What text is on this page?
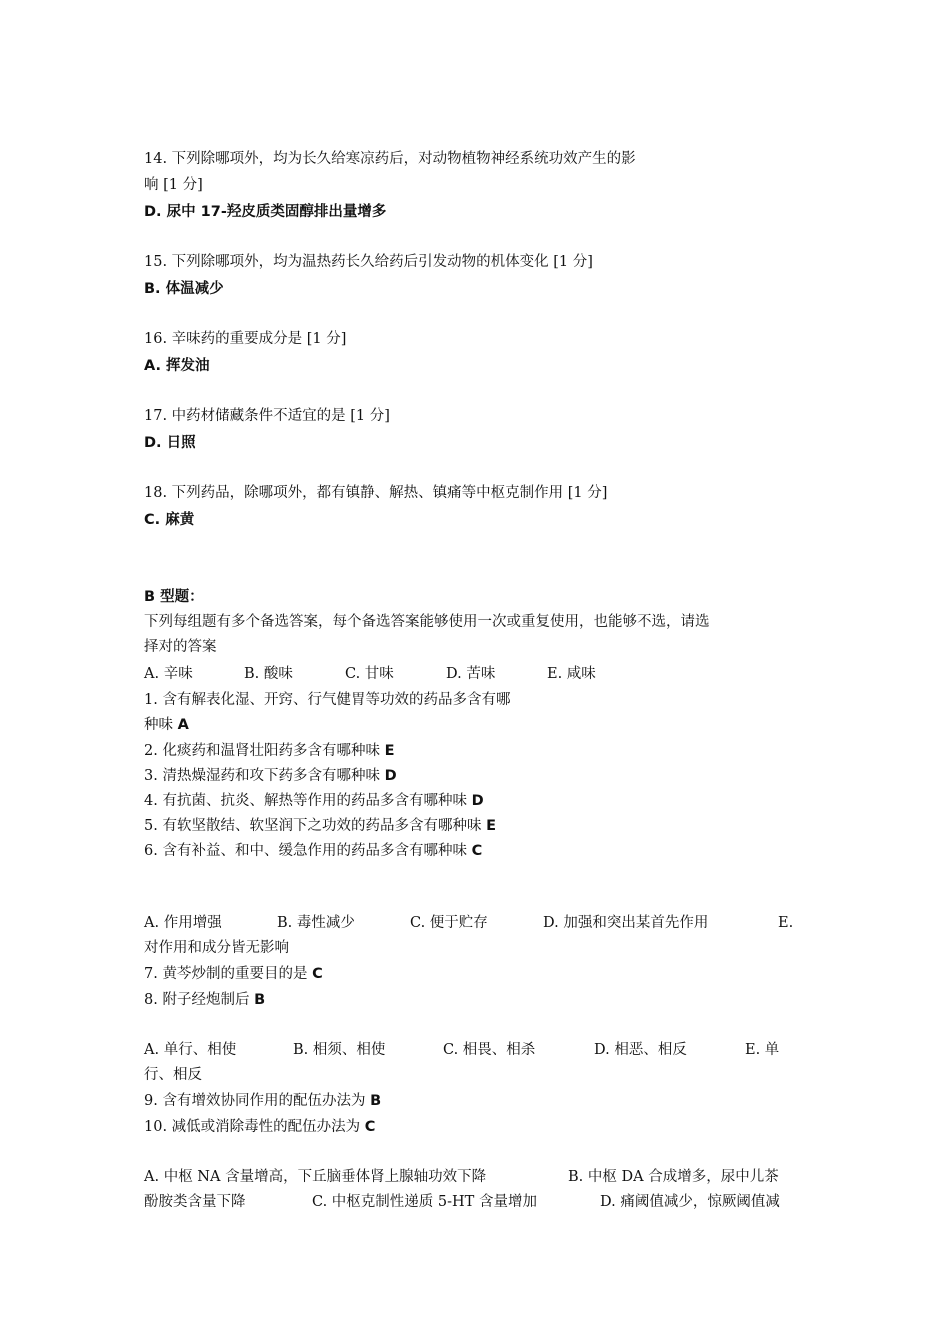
14. 下列除哪项外，均为长久给寒凉药后，对动物植物神经系统功效产生的影
响 [1 分]
D. 尿中 17-羟皮质类固醇排出量增多
15. 下列除哪项外，均为温热药长久给药后引发动物的机体变化 [1 分]
B. 体温减少
16. 辛味药的重要成分是 [1 分]
A. 挥发油
17. 中药材储藏条件不适宜的是 [1 分]
D. 日照
18. 下列药品，除哪项外，都有镇静、解热、镇痛等中枢克制作用 [1 分]
C. 麻黄
B 型题：
下列每组题有多个备选答案，每个备选答案能够使用一次或重复使用，也能够不选，请选
择对的答案
A. 辛味	B. 酸味	C. 甘味	D. 苦味	E. 咸味
1. 含有解表化湿、开窍、行气健胃等功效的药品多含有哪
种味 A
2. 化痰药和温肾壮阳药多含有哪种味 E
3. 清热燥湿药和攻下药多含有哪种味 D
4. 有抗菌、抗炎、解热等作用的药品多含有哪种味 D
5. 有软坚散结、软坚润下之功效的药品多含有哪种味 E
6. 含有补益、和中、缓急作用的药品多含有哪种味 C
A. 作用增强	B. 毒性减少	C. 便于贮存	D. 加强和突出某首先作用	E.
对作用和成分皆无影响
7. 黄芩炒制的重要目的是 C
8. 附子经炮制后 B
A. 单行、相使	B. 相须、相使	C. 相畏、相杀	D. 相恶、相反	E. 单
行、相反
9. 含有增效协同作用的配伍办法为 B
10. 减低或消除毒性的配伍办法为 C
A. 中枢 NA 含量增高，下丘脑垂体肾上腺轴功效下降	B. 中枢 DA 合成增多，尿中儿茶
酚胺类含量下降	C. 中枢克制性递质 5-HT 含量增加	D. 痛阈值减少，惊厥阈值减
